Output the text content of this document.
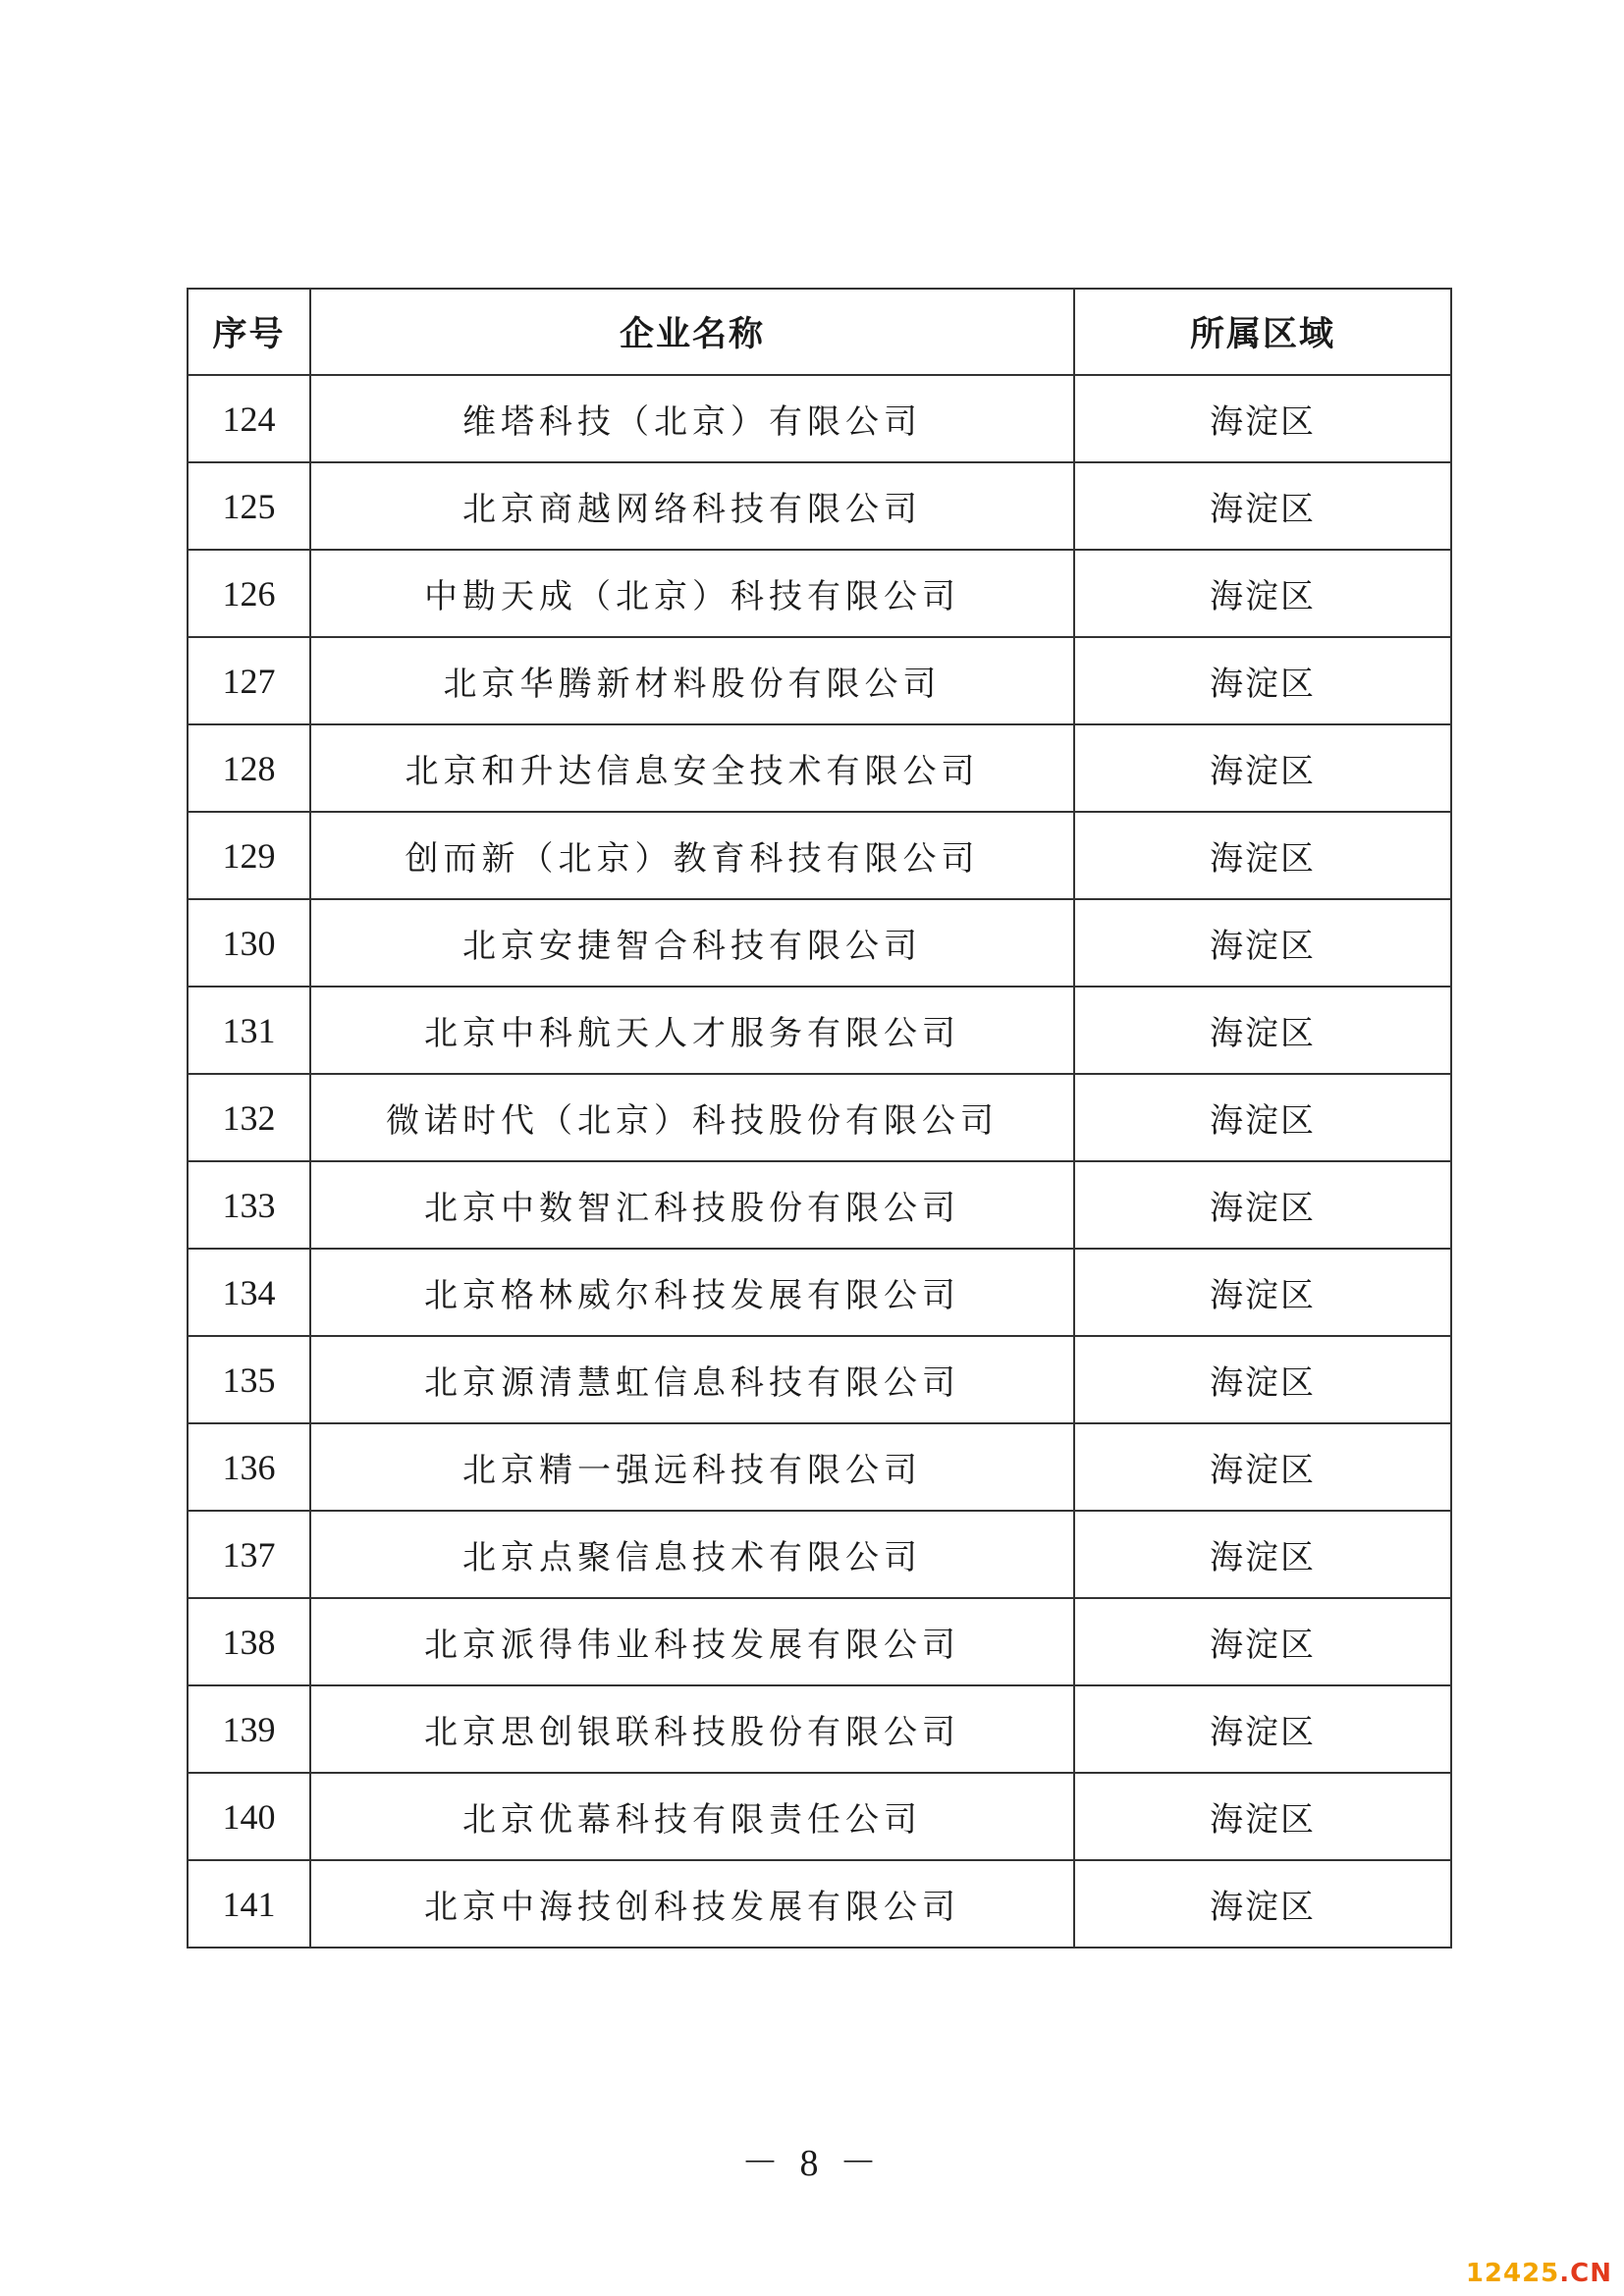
序号	企业名称	所属区域
124	维塔科技（北京）有限公司	海淀区
125	北京商越网络科技有限公司	海淀区
126	中勘天成（北京）科技有限公司	海淀区
127	北京华腾新材料股份有限公司	海淀区
128	北京和升达信息安全技术有限公司	海淀区
129	创而新（北京）教育科技有限公司	海淀区
130	北京安捷智合科技有限公司	海淀区
131	北京中科航天人才服务有限公司	海淀区
132	微诺时代（北京）科技股份有限公司	海淀区
133	北京中数智汇科技股份有限公司	海淀区
134	北京格林威尔科技发展有限公司	海淀区
135	北京源清慧虹信息科技有限公司	海淀区
136	北京精一强远科技有限公司	海淀区
137	北京点聚信息技术有限公司	海淀区
138	北京派得伟业科技发展有限公司	海淀区
139	北京思创银联科技股份有限公司	海淀区
140	北京优幕科技有限责任公司	海淀区
141	北京中海技创科技发展有限公司	海淀区
－ 8 －
12425.CN
